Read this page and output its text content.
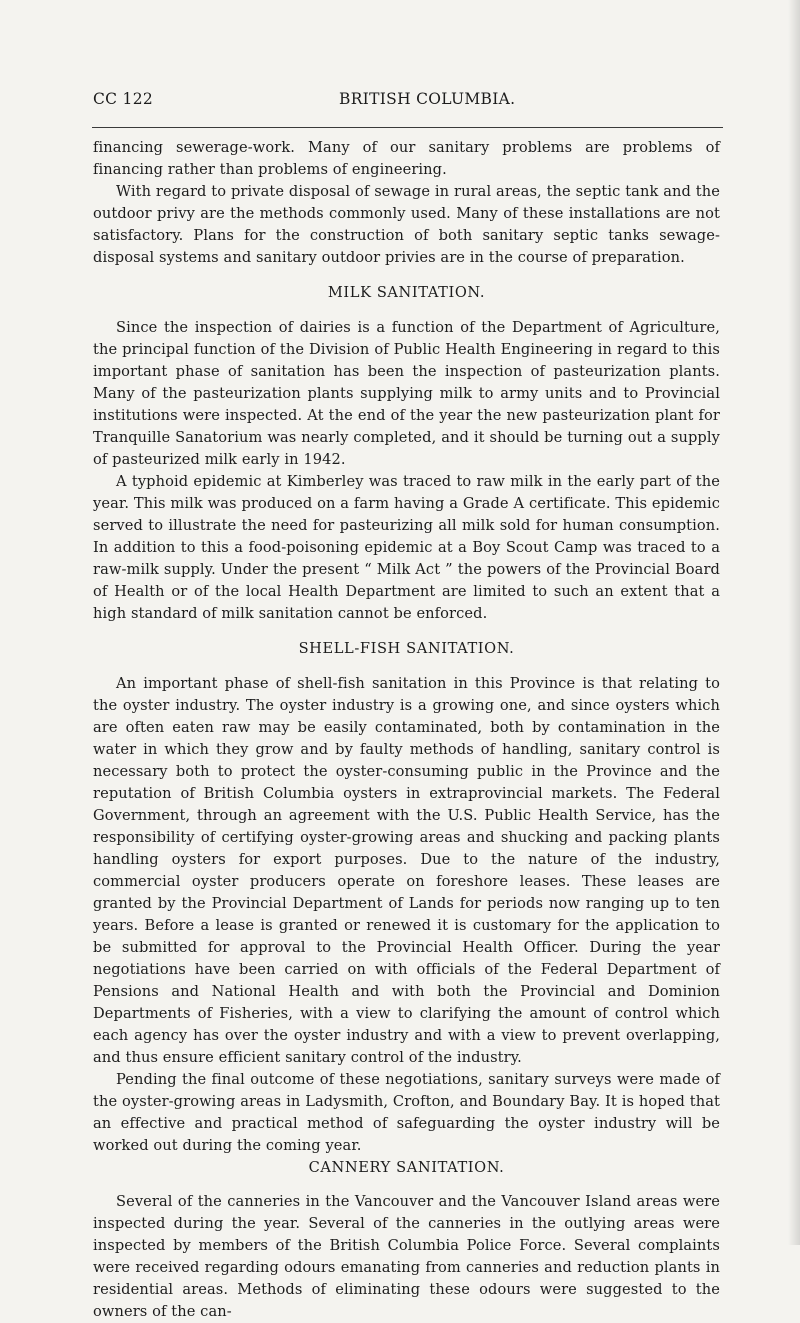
CC 122	BRITISH COLUMBIA.

financing sewerage-work. Many of our sanitary problems are problems of financing rather than problems of engineering.

With regard to private disposal of sewage in rural areas, the septic tank and the outdoor privy are the methods commonly used. Many of these installations are not satisfactory. Plans for the construction of both sanitary septic tanks sewage-disposal systems and sanitary outdoor privies are in the course of preparation.

MILK SANITATION.

Since the inspection of dairies is a function of the Department of Agriculture, the principal function of the Division of Public Health Engineering in regard to this important phase of sanitation has been the inspection of pasteurization plants. Many of the pasteurization plants supplying milk to army units and to Provincial institutions were inspected. At the end of the year the new pasteurization plant for Tranquille Sanatorium was nearly completed, and it should be turning out a supply of pasteurized milk early in 1942.

A typhoid epidemic at Kimberley was traced to raw milk in the early part of the year. This milk was produced on a farm having a Grade A certificate. This epidemic served to illustrate the need for pasteurizing all milk sold for human consumption. In addition to this a food-poisoning epidemic at a Boy Scout Camp was traced to a raw-milk supply. Under the present “ Milk Act ” the powers of the Provincial Board of Health or of the local Health Department are limited to such an extent that a high standard of milk sanitation cannot be enforced.

SHELL-FISH SANITATION.

An important phase of shell-fish sanitation in this Province is that relating to the oyster industry. The oyster industry is a growing one, and since oysters which are often eaten raw may be easily contaminated, both by contamination in the water in which they grow and by faulty methods of handling, sanitary control is necessary both to protect the oyster-consuming public in the Province and the reputation of British Columbia oysters in extraprovincial markets. The Federal Government, through an agreement with the U.S. Public Health Service, has the responsibility of certifying oyster-growing areas and shucking and packing plants handling oysters for export purposes. Due to the nature of the industry, commercial oyster producers operate on foreshore leases. These leases are granted by the Provincial Department of Lands for periods now ranging up to ten years. Before a lease is granted or renewed it is customary for the application to be submitted for approval to the Provincial Health Officer. During the year negotiations have been carried on with officials of the Federal Department of Pensions and National Health and with both the Provincial and Dominion Departments of Fisheries, with a view to clarifying the amount of control which each agency has over the oyster industry and with a view to prevent overlapping, and thus ensure efficient sanitary control of the industry.

Pending the final outcome of these negotiations, sanitary surveys were made of the oyster-growing areas in Ladysmith, Crofton, and Boundary Bay. It is hoped that an effective and practical method of safeguarding the oyster industry will be worked out during the coming year.

CANNERY SANITATION.

Several of the canneries in the Vancouver and the Vancouver Island areas were inspected during the year. Several of the canneries in the outlying areas were inspected by members of the British Columbia Police Force. Several complaints were received regarding odours emanating from canneries and reduction plants in residential areas. Methods of eliminating these odours were suggested to the owners of the can-
